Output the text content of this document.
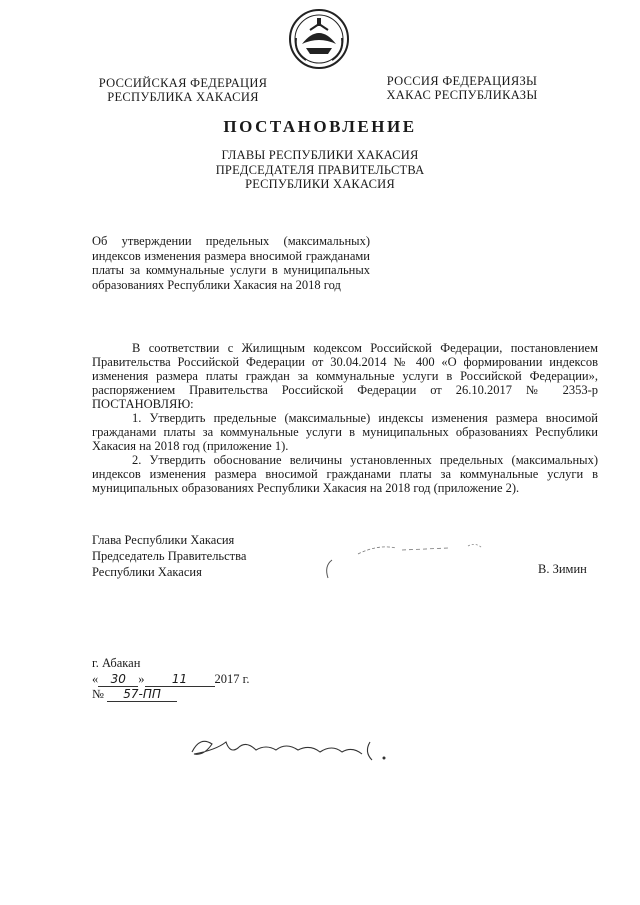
РОССИЙСКАЯ ФЕДЕРАЦИЯ
РЕСПУБЛИКА ХАКАСИЯ
РОССИЯ ФЕДЕРАЦИЯЗЫ
ХАКАС РЕСПУБЛИКАЗЫ
ПОСТАНОВЛЕНИЕ
ГЛАВЫ РЕСПУБЛИКИ ХАКАСИЯ
ПРЕДСЕДАТЕЛЯ ПРАВИТЕЛЬСТВА
РЕСПУБЛИКИ ХАКАСИЯ
Об утверждении предельных (максимальных) индексов изменения размера вносимой гражданами платы за коммунальные услуги в муниципальных образованиях Республики Хакасия на 2018 год

В соответствии с Жилищным кодексом Российской Федерации, постановлением Правительства Российской Федерации от 30.04.2014 № 400 «О формировании индексов изменения размера платы граждан за коммунальные услуги в Российской Федерации», распоряжением Правительства Российской Федерации от 26.10.2017 № 2353-р ПОСТАНОВЛЯЮ:

1. Утвердить предельные (максимальные) индексы изменения размера вносимой гражданами платы за коммунальные услуги в муниципальных образованиях Республики Хакасия на 2018 год (приложение 1).

2. Утвердить обоснование величины установленных предельных (максимальных) индексов изменения размера вносимой гражданами платы за коммунальные услуги в муниципальных образованиях Республики Хакасия на 2018 год (приложение 2).

Глава Республики Хакасия
Председатель Правительства
Республики Хакасия	В. Зимин
г. Абакан
« 30 » 11 2017 г.
№ 57-ПП
